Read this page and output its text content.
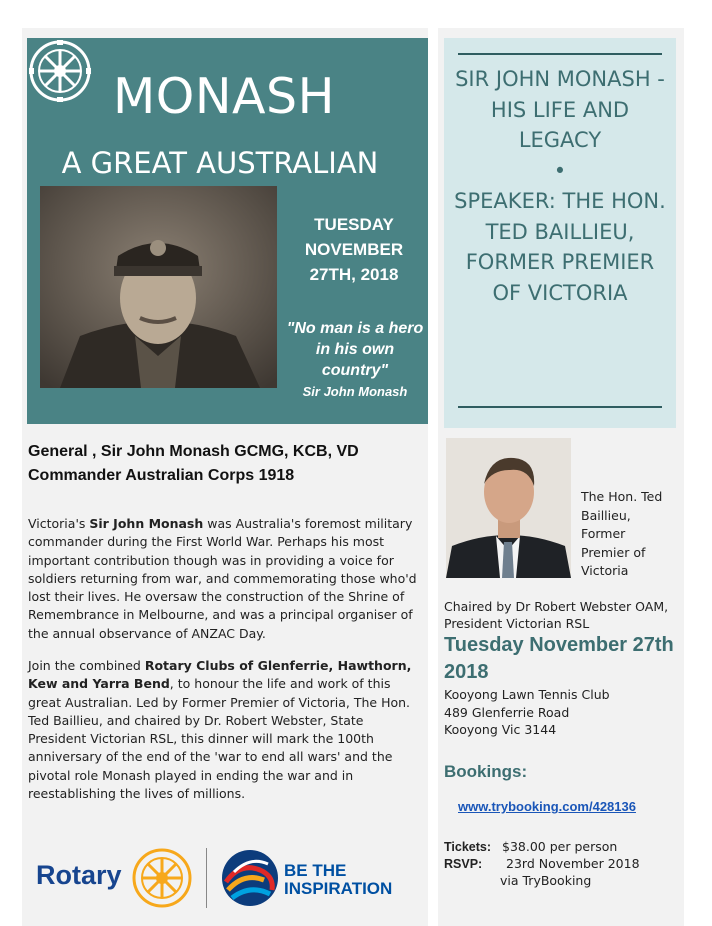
MONASH
A GREAT AUSTRALIAN
TUESDAY
NOVEMBER
27TH, 2018
"No man is a hero in his own country"
Sir John Monash
General , Sir John Monash GCMG, KCB, VD
Commander Australian Corps 1918
Victoria's Sir John Monash was Australia's foremost military commander during the First World War. Perhaps his most important contribution though was in providing a voice for soldiers returning from war, and commemorating those who'd lost their lives. He oversaw the construction of the Shrine of Remembrance in Melbourne, and was a principal organiser of the annual observance of ANZAC Day.
Join the combined Rotary Clubs of Glenferrie, Hawthorn, Kew and Yarra Bend, to honour the life and work of this great Australian. Led by Former Premier of Victoria, The Hon. Ted Baillieu, and chaired by Dr. Robert Webster, State President Victorian RSL, this dinner will mark the 100th anniversary of the end of the 'war to end all wars' and the pivotal role Monash played in ending the war and in reestablishing the lives of millions.
Rotary	BE THE
INSPIRATION
SIR JOHN MONASH - HIS LIFE AND LEGACY
•
SPEAKER: THE HON. TED BAILLIEU, FORMER PREMIER OF VICTORIA
The Hon. Ted Baillieu, Former Premier of Victoria
Chaired by Dr Robert Webster OAM, President Victorian RSL
Tuesday November 27th 2018
Kooyong Lawn Tennis Club
489 Glenferrie Road
Kooyong Vic 3144
Bookings:
www.trybooking.com/428136
Tickets: $38.00 per person
RSVP: 23rd November 2018
via TryBooking
